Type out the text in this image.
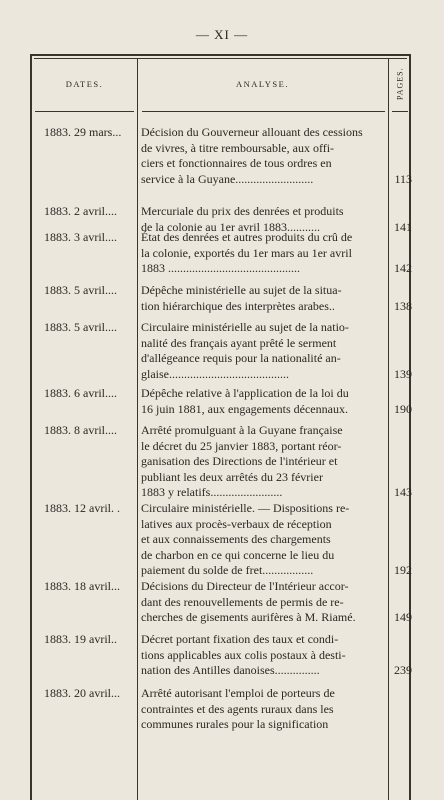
— XI —
DATES.	ANALYSE.	PAGES.
1883. 29 mars...	Décision du Gouverneur allouant des cessions
de vivres, à titre remboursable, aux offi-
ciers et fonctionnaires de tous ordres en
service à la Guyane..........................	113
1883. 2 avril....	Mercuriale du prix des denrées et produits
de la colonie au 1er avril 1883...........	141
1883. 3 avril....	État des denrées et autres produits du crû de
la colonie, exportés du 1er mars au 1er avril
1883 ............................................	142
1883. 5 avril....	Dépêche ministérielle au sujet de la situa-
tion hiérarchique des interprètes arabes..	138
1883. 5 avril....	Circulaire ministérielle au sujet de la natio-
nalité des français ayant prêté le serment
d'allégeance requis pour la nationalité an-
glaise........................................	139
1883. 6 avril....	Dépêche relative à l'application de la loi du
16 juin 1881, aux engagements décennaux.	190
1883. 8 avril....	Arrêté promulguant à la Guyane française
le décret du 25 janvier 1883, portant réor-
ganisation des Directions de l'intérieur et
publiant les deux arrêtés du 23 février
1883 y relatifs........................	143
1883. 12 avril. .	Circulaire ministérielle. — Dispositions re-
latives aux procès-verbaux de réception
et aux connaissements des chargements
de charbon en ce qui concerne le lieu du
paiement du solde de fret.................	192
1883. 18 avril...	Décisions du Directeur de l'Intérieur accor-
dant des renouvellements de permis de re-
cherches de gisements aurifères à M. Riamé.	149
1883. 19 avril..	Décret portant fixation des taux et condi-
tions applicables aux colis postaux à desti-
nation des Antilles danoises...............	239
1883. 20 avril...	Arrêté autorisant l'emploi de porteurs de
contraintes et des agents ruraux dans les
communes rurales pour la signification
